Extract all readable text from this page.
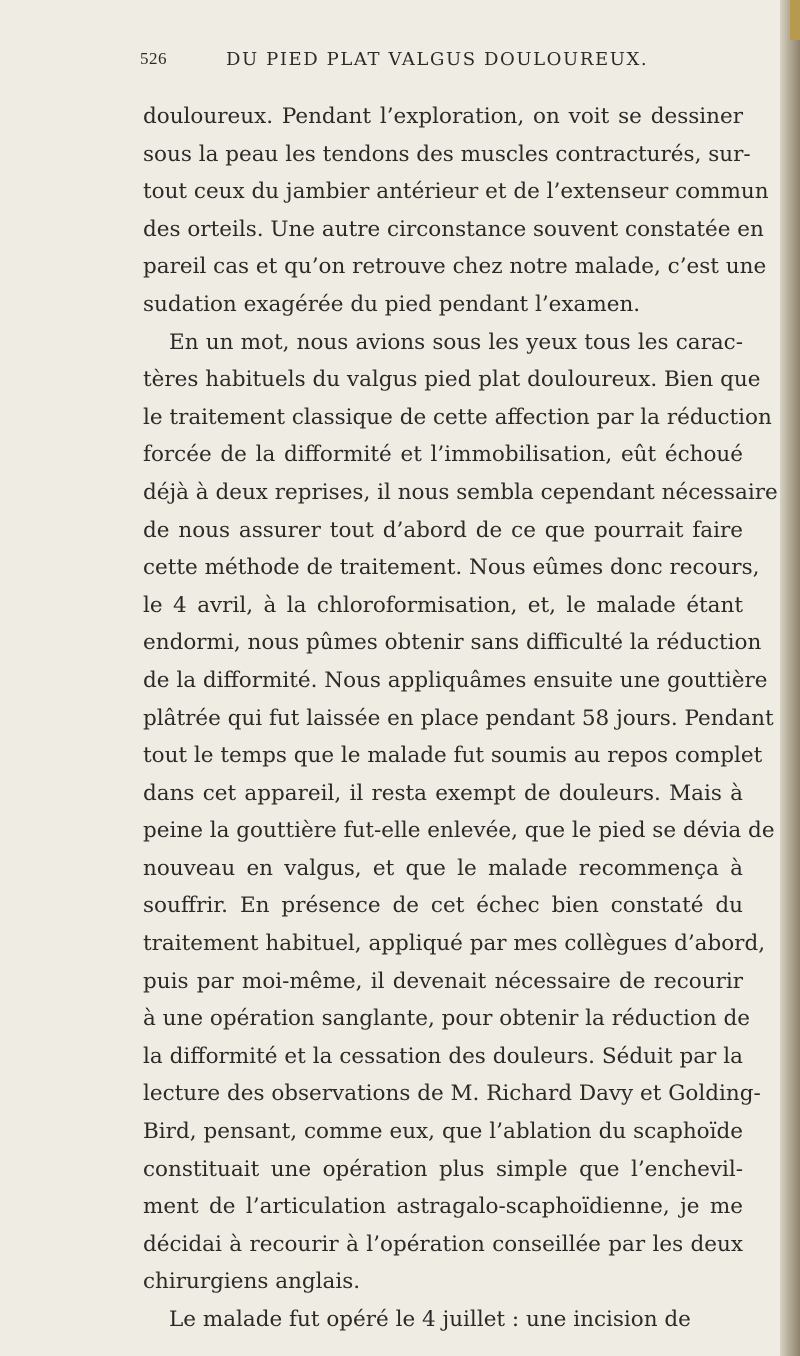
526	DU PIED PLAT VALGUS DOULOUREUX.
douloureux. Pendant l’exploration, on voit se dessiner
sous la peau les tendons des muscles contracturés, sur-
tout ceux du jambier antérieur et de l’extenseur commun
des orteils. Une autre circonstance souvent constatée en
pareil cas et qu’on retrouve chez notre malade, c’est une
sudation exagérée du pied pendant l’examen.
En un mot, nous avions sous les yeux tous les carac-
tères habituels du valgus pied plat douloureux. Bien que
le traitement classique de cette affection par la réduction
forcée de la difformité et l’immobilisation, eût échoué
déjà à deux reprises, il nous sembla cependant nécessaire
de nous assurer tout d’abord de ce que pourrait faire
cette méthode de traitement. Nous eûmes donc recours,
le 4 avril, à la chloroformisation, et, le malade étant
endormi, nous pûmes obtenir sans difficulté la réduction
de la difformité. Nous appliquâmes ensuite une gouttière
plâtrée qui fut laissée en place pendant 58 jours. Pendant
tout le temps que le malade fut soumis au repos complet
dans cet appareil, il resta exempt de douleurs. Mais à
peine la gouttière fut-elle enlevée, que le pied se dévia de
nouveau en valgus, et que le malade recommença à
souffrir. En présence de cet échec bien constaté du
traitement habituel, appliqué par mes collègues d’abord,
puis par moi-même, il devenait nécessaire de recourir
à une opération sanglante, pour obtenir la réduction de
la difformité et la cessation des douleurs. Séduit par la
lecture des observations de M. Richard Davy et Golding-
Bird, pensant, comme eux, que l’ablation du scaphoïde
constituait une opération plus simple que l’enchevil-
ment de l’articulation astragalo-scaphoïdienne, je me
décidai à recourir à l’opération conseillée par les deux
chirurgiens anglais.
Le malade fut opéré le 4 juillet : une incision de
